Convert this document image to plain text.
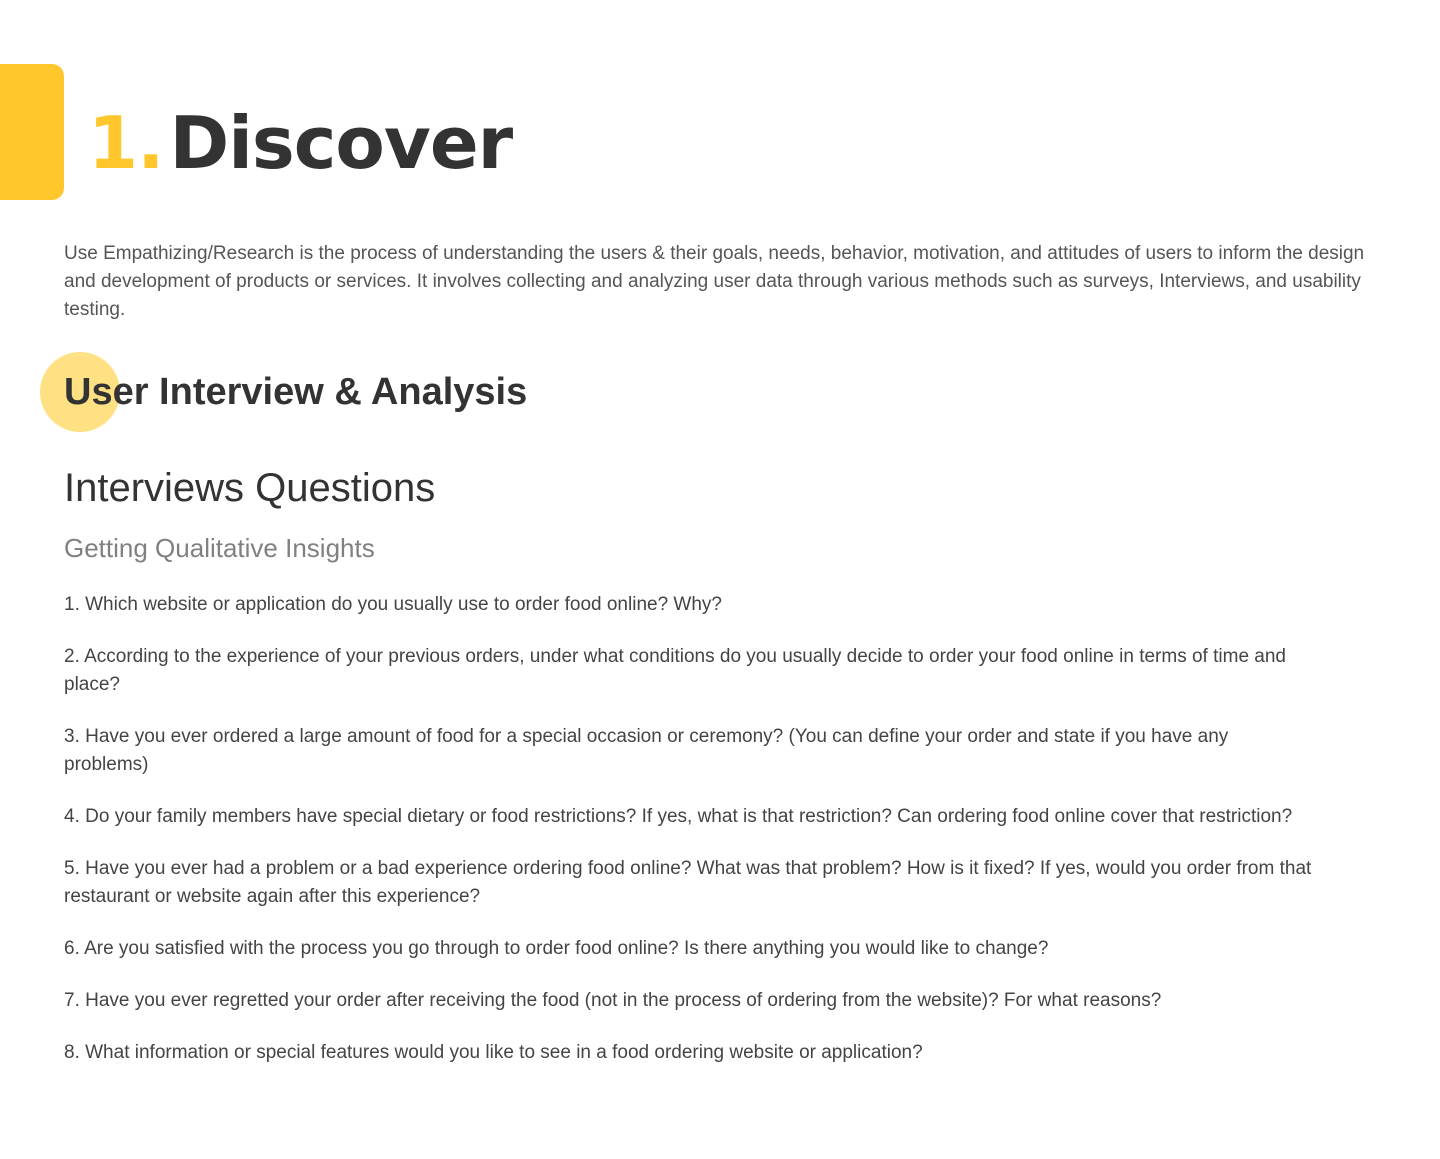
1.Discover

Use Empathizing/Research is the process of understanding the users & their goals, needs, behavior, motivation, and attitudes of users to inform the design and development of products or services. It involves collecting and analyzing user data through various methods such as surveys, Interviews, and usability testing.

User Interview & Analysis
Interviews Questions
Getting Qualitative Insights
1. Which website or application do you usually use to order food online? Why?
2. According to the experience of your previous orders, under what conditions do you usually decide to order your food online in terms of time and place?
3. Have you ever ordered a large amount of food for a special occasion or ceremony? (You can define your order and state if you have any problems)
4. Do your family members have special dietary or food restrictions? If yes, what is that restriction? Can ordering food online cover that restriction?
5. Have you ever had a problem or a bad experience ordering food online? What was that problem? How is it fixed? If yes, would you order from that restaurant or website again after this experience?
6. Are you satisfied with the process you go through to order food online? Is there anything you would like to change?
7. Have you ever regretted your order after receiving the food (not in the process of ordering from the website)? For what reasons?
8. What information or special features would you like to see in a food ordering website or application?
